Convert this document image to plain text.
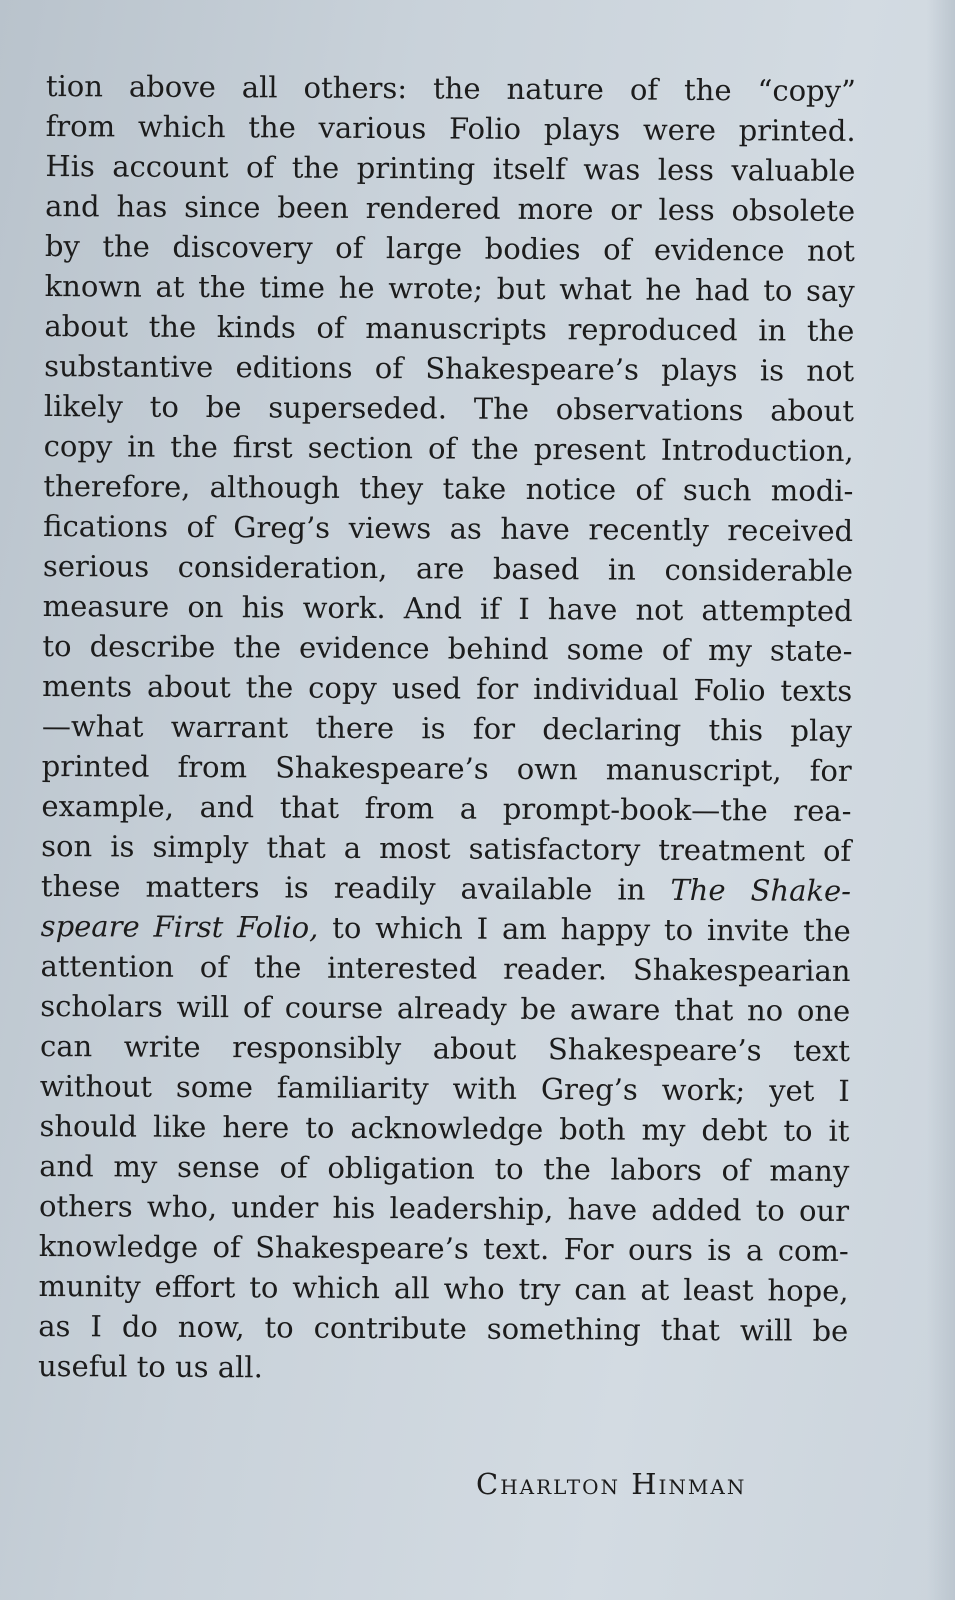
tion above all others: the nature of the “copy”
from which the various Folio plays were printed.
His account of the printing itself was less valuable
and has since been rendered more or less obsolete
by the discovery of large bodies of evidence not
known at the time he wrote; but what he had to say
about the kinds of manuscripts reproduced in the
substantive editions of Shakespeare’s plays is not
likely to be superseded. The observations about
copy in the first section of the present Introduction,
therefore, although they take notice of such modi-
fications of Greg’s views as have recently received
serious consideration, are based in considerable
measure on his work. And if I have not attempted
to describe the evidence behind some of my state-
ments about the copy used for individual Folio texts
—what warrant there is for declaring this play
printed from Shakespeare’s own manuscript, for
example, and that from a prompt-book—the rea-
son is simply that a most satisfactory treatment of
these matters is readily available in The Shake-
speare First Folio, to which I am happy to invite the
attention of the interested reader. Shakespearian
scholars will of course already be aware that no one
can write responsibly about Shakespeare’s text
without some familiarity with Greg’s work; yet I
should like here to acknowledge both my debt to it
and my sense of obligation to the labors of many
others who, under his leadership, have added to our
knowledge of Shakespeare’s text. For ours is a com-
munity effort to which all who try can at least hope,
as I do now, to contribute something that will be
useful to us all.
Charlton Hinman
